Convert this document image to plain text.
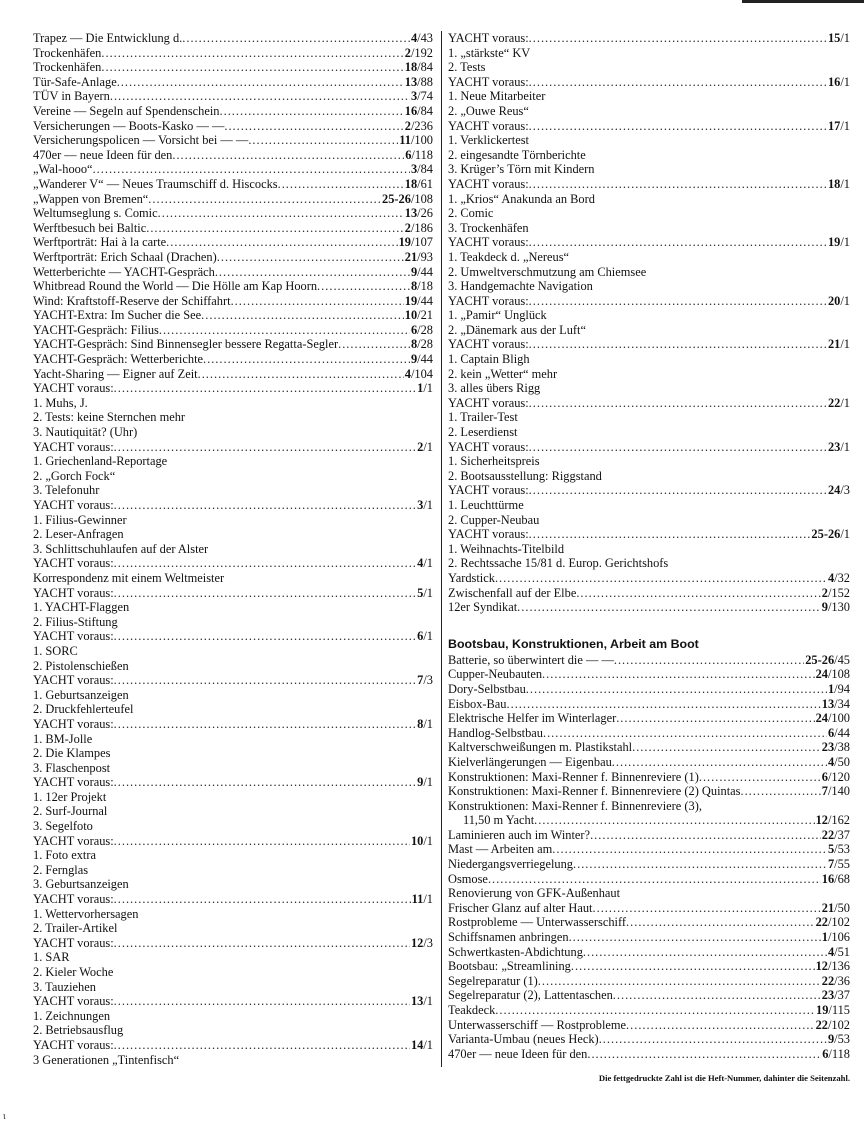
Trapez — Die Entwicklung d. .....	4/43
Trockenhäfen .....	2/192
Trockenhäfen .....	18/84
Tür-Safe-Anlage .....	13/88
TÜV in Bayern .....	3/74
Vereine — Segeln auf Spendenschein .....	16/84
Versicherungen — Boots-Kasko — — .....	2/236
Versicherungspolicen — Vorsicht bei — — .....	11/100
470er — neue Ideen für den .....	6/118
„Wal-hooo“ .....	3/84
„Wanderer V“ — Neues Traumschiff d. Hiscocks .....	18/61
„Wappen von Bremen“ .....	25-26/108
Weltumseglung s. Comic .....	13/26
Werftbesuch bei Baltic .....	2/186
Werftporträt: Hai à la carte .....	19/107
Werftporträt: Erich Schaal (Drachen) .....	21/93
Wetterberichte — YACHT-Gespräch .....	9/44
Whitbread Round the World — Die Hölle am Kap Hoorn .....	8/18
Wind: Kraftstoff-Reserve der Schiffahrt .....	19/44
YACHT-Extra: Im Sucher die See .....	10/21
YACHT-Gespräch: Filius .....	6/28
YACHT-Gespräch: Sind Binnensegler bessere Regatta-Segler .....	8/28
YACHT-Gespräch: Wetterberichte .....	9/44
Yacht-Sharing — Eigner auf Zeit .....	4/104
YACHT voraus: .....	1/1
1. Muhs, J.
2. Tests: keine Sternchen mehr
3. Nautiquität? (Uhr)
YACHT voraus: .....	2/1
1. Griechenland-Reportage
2. „Gorch Fock“
3. Telefonuhr
YACHT voraus: .....	3/1
1. Filius-Gewinner
2. Leser-Anfragen
3. Schlittschuhlaufen auf der Alster
YACHT voraus: .....	4/1
Korrespondenz mit einem Weltmeister
YACHT voraus: .....	5/1
1. YACHT-Flaggen
2. Filius-Stiftung
YACHT voraus: .....	6/1
1. SORC
2. Pistolenschießen
YACHT voraus: .....	7/3
1. Geburtsanzeigen
2. Druckfehlerteufel
YACHT voraus: .....	8/1
1. BM-Jolle
2. Die Klampes
3. Flaschenpost
YACHT voraus: .....	9/1
1. 12er Projekt
2. Surf-Journal
3. Segelfoto
YACHT voraus: .....	10/1
1. Foto extra
2. Fernglas
3. Geburtsanzeigen
YACHT voraus: .....	11/1
1. Wettervorhersagen
2. Trailer-Artikel
YACHT voraus: .....	12/3
1. SAR
2. Kieler Woche
3. Tauziehen
YACHT voraus: .....	13/1
1. Zeichnungen
2. Betriebsausflug
YACHT voraus: .....	14/1
3 Generationen „Tintenfisch“
YACHT voraus: .....	15/1
1. „stärkste“ KV
2. Tests
YACHT voraus: .....	16/1
1. Neue Mitarbeiter
2. „Ouwe Reus“
YACHT voraus: .....	17/1
1. Verklickertest
2. eingesandte Törnberichte
3. Krüger’s Törn mit Kindern
YACHT voraus: .....	18/1
1. „Krios“ Anakunda an Bord
2. Comic
3. Trockenhäfen
YACHT voraus: .....	19/1
1. Teakdeck d. „Nereus“
2. Umweltverschmutzung am Chiemsee
3. Handgemachte Navigation
YACHT voraus: .....	20/1
1. „Pamir“ Unglück
2. „Dänemark aus der Luft“
YACHT voraus: .....	21/1
1. Captain Bligh
2. kein „Wetter“ mehr
3. alles übers Rigg
YACHT voraus: .....	22/1
1. Trailer-Test
2. Leserdienst
YACHT voraus: .....	23/1
1. Sicherheitspreis
2. Bootsausstellung: Riggstand
YACHT voraus: .....	24/3
1. Leuchttürme
2. Cupper-Neubau
YACHT voraus: .....	25-26/1
1. Weihnachts-Titelbild
2. Rechtssache 15/81 d. Europ. Gerichtshofs
Yardstick .....	4/32
Zwischenfall auf der Elbe .....	2/152
12er Syndikat .....	9/130
Bootsbau, Konstruktionen, Arbeit am Boot
Batterie, so überwintert die — — .....	25-26/45
Cupper-Neubauten .....	24/108
Dory-Selbstbau .....	1/94
Eisbox-Bau .....	13/34
Elektrische Helfer im Winterlager .....	24/100
Handlog-Selbstbau .....	6/44
Kaltverschweißungen m. Plastikstahl .....	23/38
Kielverlängerungen — Eigenbau .....	4/50
Konstruktionen: Maxi-Renner f. Binnenreviere (1) .....	6/120
Konstruktionen: Maxi-Renner f. Binnenreviere (2) Quintas .....	7/140
Konstruktionen: Maxi-Renner f. Binnenreviere (3),
11,50 m Yacht .....	12/162
Laminieren auch im Winter? .....	22/37
Mast — Arbeiten am .....	5/53
Niedergangsverriegelung .....	7/55
Osmose .....	16/68
Renovierung von GFK-Außenhaut
Frischer Glanz auf alter Haut .....	21/50
Rostprobleme — Unterwasserschiff .....	22/102
Schiffsnamen anbringen .....	1/106
Schwertkasten-Abdichtung .....	4/51
Bootsbau: „Streamlining .....	12/136
Segelreparatur (1) .....	22/36
Segelreparatur (2), Lattentaschen .....	23/37
Teakdeck .....	19/115
Unterwasserschiff — Rostprobleme .....	22/102
Varianta-Umbau (neues Heck) .....	9/53
470er — neue Ideen für den .....	6/118
Die fettgedruckte Zahl ist die Heft-Nummer, dahinter die Seitenzahl.
ι
